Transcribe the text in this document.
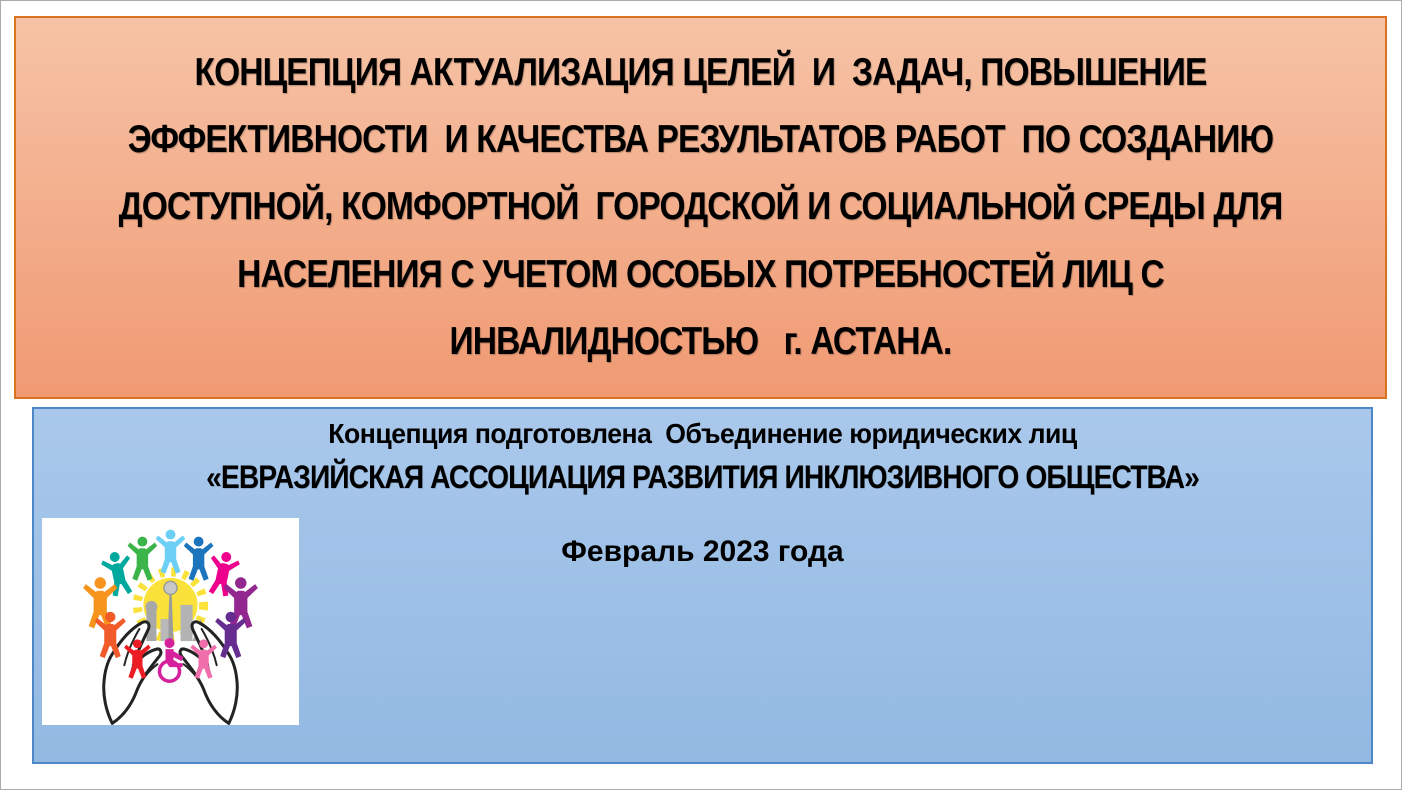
КОНЦЕПЦИЯ АКТУАЛИЗАЦИЯ ЦЕЛЕЙ  И  ЗАДАЧ, ПОВЫШЕНИЕ
ЭФФЕКТИВНОСТИ  И КАЧЕСТВА РЕЗУЛЬТАТОВ РАБОТ  ПО СОЗДАНИЮ
ДОСТУПНОЙ, КОМФОРТНОЙ  ГОРОДСКОЙ И СОЦИАЛЬНОЙ СРЕДЫ ДЛЯ
НАСЕЛЕНИЯ С УЧЕТОМ ОСОБЫХ ПОТРЕБНОСТЕЙ ЛИЦ С
ИНВАЛИДНОСТЬЮ   г. АСТАНА.
Концепция подготовлена  Объединение юридических лиц
«ЕВРАЗИЙСКАЯ АССОЦИАЦИЯ РАЗВИТИЯ ИНКЛЮЗИВНОГО ОБЩЕСТВА»
Февраль 2023 года
